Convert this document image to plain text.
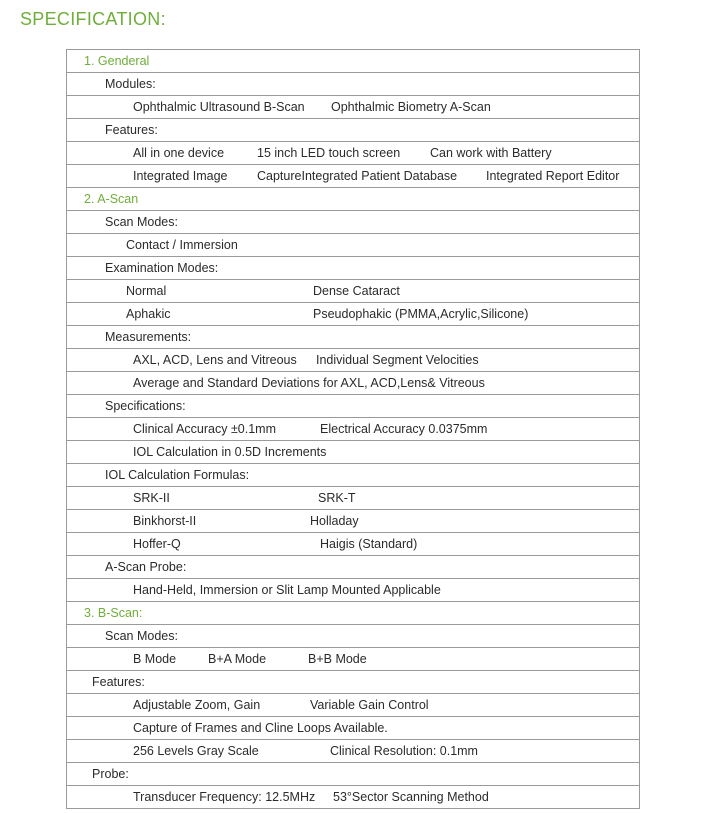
SPECIFICATION:
1. Genderal
Modules:
Ophthalmic Ultrasound B-Scan Ophthalmic Biometry A-Scan
Features:
All in one device	15 inch LED touch screen Can work with Battery
Integrated Image CaptureIntegrated Patient Database Integrated Report Editor
2. A-Scan
Scan Modes:
Contact / Immersion
Examination Modes:
Normal	Dense Cataract
Aphakic	Pseudophakic (PMMA,Acrylic,Silicone)
Measurements:
AXL, ACD, Lens and Vitreous Individual Segment Velocities
Average and Standard Deviations for AXL, ACD,Lens& Vitreous
Specifications:
Clinical Accuracy ±0.1mm	Electrical Accuracy 0.0375mm
IOL Calculation in 0.5D Increments
IOL Calculation Formulas:
SRK-II	SRK-T
Binkhorst-II	Holladay
Hoffer-Q	Haigis (Standard)
A-Scan Probe:
Hand-Held, Immersion or Slit Lamp Mounted Applicable
3. B-Scan:
Scan Modes:
B Mode	B+A Mode	B+B Mode
Features:
Adjustable Zoom, Gain	Variable Gain Control
Capture of Frames and Cline Loops Available.
256 Levels Gray Scale	Clinical Resolution: 0.1mm
Probe:
Transducer Frequency: 12.5MHz 53°Sector Scanning Method
